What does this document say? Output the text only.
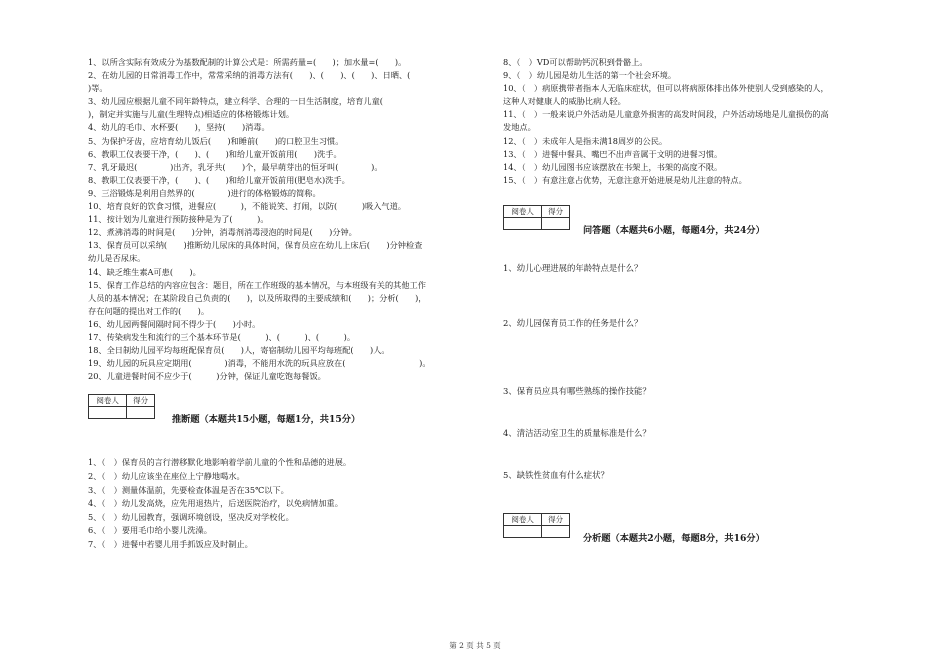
1、以所含实际有效成分为基数配制的计算公式是：所需药量=(　　)；加水量=(　　)。
2、在幼儿园的日常消毒工作中，常常采纳的消毒方法有(　　)、(　　)、(　　)、日晒、(
)等。
3、幼儿园应根据儿童不同年龄特点，建立科学、合理的一日生活制度，培育儿童(
)，制定并实施与儿童(生理特点)相适应的体格锻炼计划。
4、幼儿的毛巾、水杯要(　　)，坚持(　　)消毒。
5、为保护牙齿，应培育幼儿饭后(　　)和睡前(　　)的口腔卫生习惯。
6、教职工仪表要干净，(　　)、(　　)和给儿童开饭前用(　　)洗手。
7、乳牙最迟(　　　　)出齐，乳牙共(　　)个，最早萌芽出的恒牙叫(　　　　)。
8、教职工仪表要干净，(　　)、(　　)和给儿童开饭前用(肥皂水)洗手。
9、三浴锻炼是利用自然界的(　　　　)进行的体格锻炼的简称。
10、培育良好的饮食习惯，进餐应(　　　)，不能说笑、打闹，以防(　　　)吸入气道。
11、按计划为儿童进行预防接种是为了(　　　)。
12、煮沸消毒的时间是(　　)分钟，消毒剂消毒浸泡的时间是(　　)分钟。
13、保育员可以采纳(　　)推断幼儿尿床的具体时间，保育员应在幼儿上床后(　　)分钟检查
幼儿是否尿床。
14、缺乏维生素A可患(　　)。
15、保育工作总结的内容应包含：题目，所在工作班级的基本情况，与本班级有关的其他工作
人员的基本情况；在某阶段自己负责的(　　)，以及所取得的主要成绩和(　　)；分析(　　)，
存在问题的提出对工作的(　　)。
16、幼儿园两餐间隔时间不得少于(　　)小时。
17、传染病发生和流行的三个基本环节是(　　　)、(　　　)、(　　　)。
18、全日制幼儿园平均每班配保育员(　　)人，寄宿制幼儿园平均每班配(　　)人。
19、幼儿园的玩具应定期用(　　　　)消毒，不能用水洗的玩具应放在(　　　　　　　　　)。
20、儿童进餐时间不应少于(　　　)分钟，保证儿童吃饱每餐饭。
阅卷人	得分

推断题（本题共15小题，每题1分，共15分）
1、（　）保育员的言行潜移默化地影响着学前儿童的个性和品德的进展。
2、（　）幼儿应该坐在座位上宁静地喝水。
3、（　）测量体温前，先要检查体温是否在35℃以下。
4、（　）幼儿发高烧，应先用退热片，后送医院治疗，以免病情加重。
5、（　）幼儿园教育，强调环境创设，坚决反对学校化。
6、（　）要用毛巾给小婴儿洗澡。
7、（　）进餐中若婴儿用手抓饭应及时制止。
8、（　）VD可以帮助钙沉积到骨骼上。
9、（　）幼儿园是幼儿生活的第一个社会环境。
10、（　）病原携带者指本人无临床症状，但可以将病原体排出体外使别人受到感染的人，
这种人对健康人的威胁比病人轻。
11、（　）一般来说户外活动是儿童意外损害的高发时间段，户外活动场地是儿童损伤的高
发地点。
12、（　）未成年人是指未满18周岁的公民。
13、（　）进餐中餐具、嘴巴不出声音属于文明的进餐习惯。
14、（　）幼儿园图书应该摆放在书架上，书架的高度不限。
15、（　）有意注意占优势，无意注意开始进展是幼儿注意的特点。
阅卷人	得分

问答题（本题共6小题，每题4分，共24分）
1、幼儿心理进展的年龄特点是什么？
2、幼儿园保育员工作的任务是什么？
3、保育员应具有哪些熟练的操作技能？
4、清洁活动室卫生的质量标准是什么？
5、缺铁性贫血有什么症状？
阅卷人	得分

分析题（本题共2小题，每题8分，共16分）
第 2 页 共 5 页
